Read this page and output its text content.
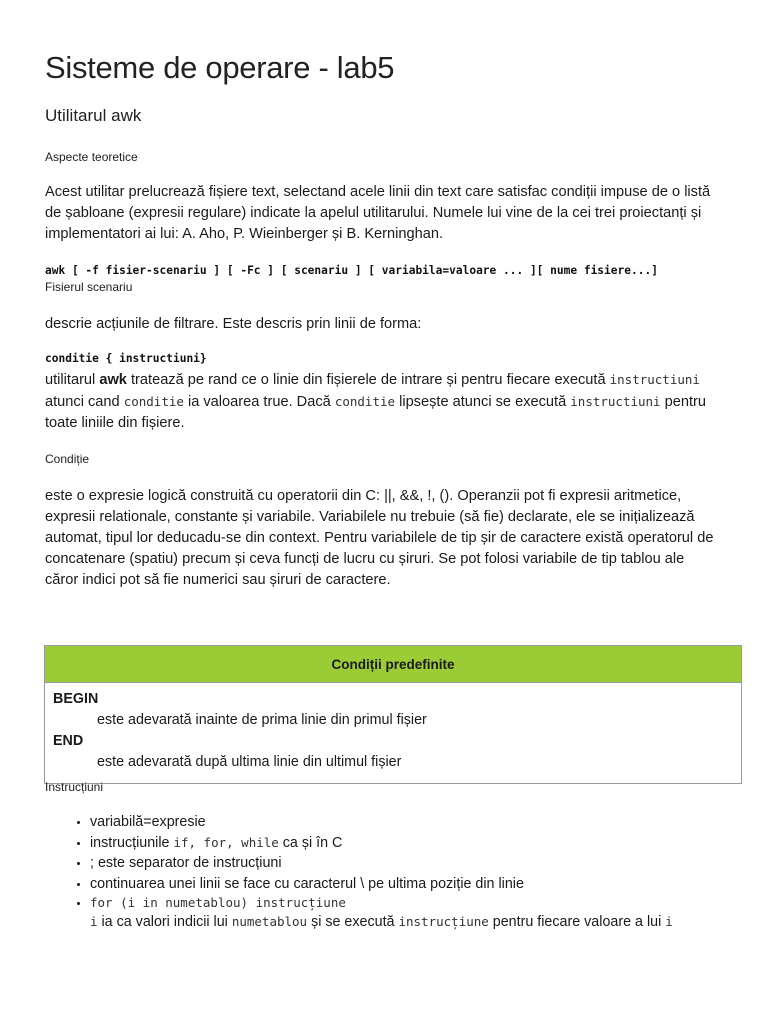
Sisteme de operare - lab5
Utilitarul awk
Aspecte teoretice
Acest utilitar prelucrează fișiere text, selectand acele linii din text care satisfac condiții impuse de o listă de șabloane (expresii regulare) indicate la apelul utilitarului. Numele lui vine de la cei trei proiectanți și implementatori ai lui: A. Aho, P. Wieinberger și B. Kerninghan.
awk [ -f fisier-scenariu ] [ -Fc ] [ scenariu ] [ variabila=valoare ... ][ nume fisiere...]
Fisierul scenariu
descrie acțiunile de filtrare. Este descris prin linii de forma:
conditie { instructiuni}
utilitarul awk tratează pe rand ce o linie din fișierele de intrare și pentru fiecare execută instructiuni atunci cand conditie ia valoarea true. Dacă conditie lipsește atunci se execută instructiuni pentru toate liniile din fișiere.
Condiție
este o expresie logică construită cu operatorii din C: ||, &&, !, (). Operanzii pot fi expresii aritmetice, expresii relationale, constante și variabile. Variabilele nu trebuie (să fie) declarate, ele se inițializează automat, tipul lor deducadu-se din context. Pentru variabilele de tip șir de caractere există operatorul de concatenare (spatiu) precum și ceva funcți de lucru cu șiruri. Se pot folosi variabile de tip tablou ale căror indici pot să fie numerici sau șiruri de caractere.
Condiții predefinite

BEGIN
este adevarată inainte de prima linie din primul fișier
END
este adevarată după ultima linie din ultimul fișier
Instrucțiuni
• variabilă=expresie
• instrucțiunile if, for, while ca și în C
• ; este separator de instrucțiuni
• continuarea unei linii se face cu caracterul \ pe ultima poziție din linie
• for (i in numetablou) instrucțiune
i ia ca valori indicii lui numetablou și se execută instrucțiune pentru fiecare valoare a lui i
